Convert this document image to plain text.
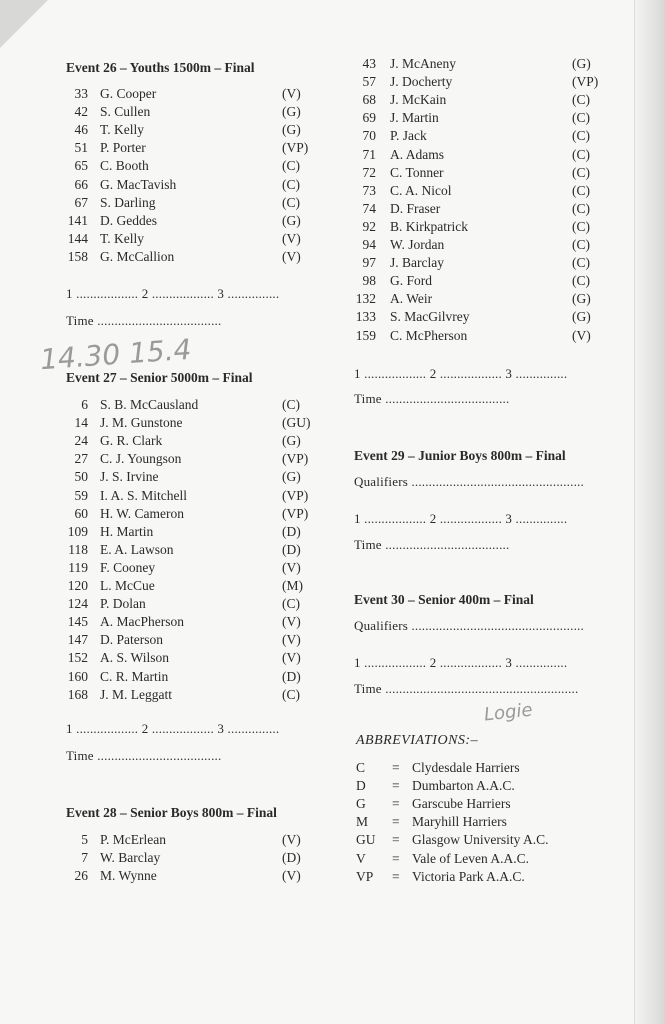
Event 26 – Youths 1500m – Final
33 G. Cooper	(V)
42 S. Cullen	(G)
46 T. Kelly	(G)
51 P. Porter	(VP)
65 C. Booth	(C)
66 G. MacTavish	(C)
67 S. Darling	(C)
141 D. Geddes	(G)
144 T. Kelly	(V)
158 G. McCallion	(V)
1 .................. 2 .................. 3 ...............
Time ....................................
Event 27 – Senior 5000m – Final
6 S. B. McCausland	(C)
14 J. M. Gunstone	(GU)
24 G. R. Clark	(G)
27 C. J. Youngson	(VP)
50 J. S. Irvine	(G)
59 I. A. S. Mitchell	(VP)
60 H. W. Cameron	(VP)
109 H. Martin	(D)
118 E. A. Lawson	(D)
119 F. Cooney	(V)
120 L. McCue	(M)
124 P. Dolan	(C)
145 A. MacPherson	(V)
147 D. Paterson	(V)
152 A. S. Wilson	(V)
160 C. R. Martin	(D)
168 J. M. Leggatt	(C)
1 .................. 2 .................. 3 ...............
Time ....................................
Event 28 – Senior Boys 800m – Final
5 P. McErlean	(V)
7 W. Barclay	(D)
26 M. Wynne	(V)
43 J. McAneny	(G)
57 J. Docherty	(VP)
68 J. McKain	(C)
69 J. Martin	(C)
70 P. Jack	(C)
71 A. Adams	(C)
72 C. Tonner	(C)
73 C. A. Nicol	(C)
74 D. Fraser	(C)
92 B. Kirkpatrick	(C)
94 W. Jordan	(C)
97 J. Barclay	(C)
98 G. Ford	(C)
132 A. Weir	(G)
133 S. MacGilvrey	(G)
159 C. McPherson	(V)
1 .................. 2 .................. 3 ...............
Time ....................................
Event 29 – Junior Boys 800m – Final
Qualifiers ..................................................
1 .................. 2 .................. 3 ...............
Time ....................................
Event 30 – Senior 400m – Final
Qualifiers ..................................................
1 .................. 2 .................. 3 ...............
Time ........................................................
ABBREVIATIONS:–
C = Clydesdale Harriers
D = Dumbarton A.A.C.
G = Garscube Harriers
M = Maryhill Harriers
GU = Glasgow University A.C.
V = Vale of Leven A.A.C.
VP = Victoria Park A.A.C.
14.30 15.4
Logie
